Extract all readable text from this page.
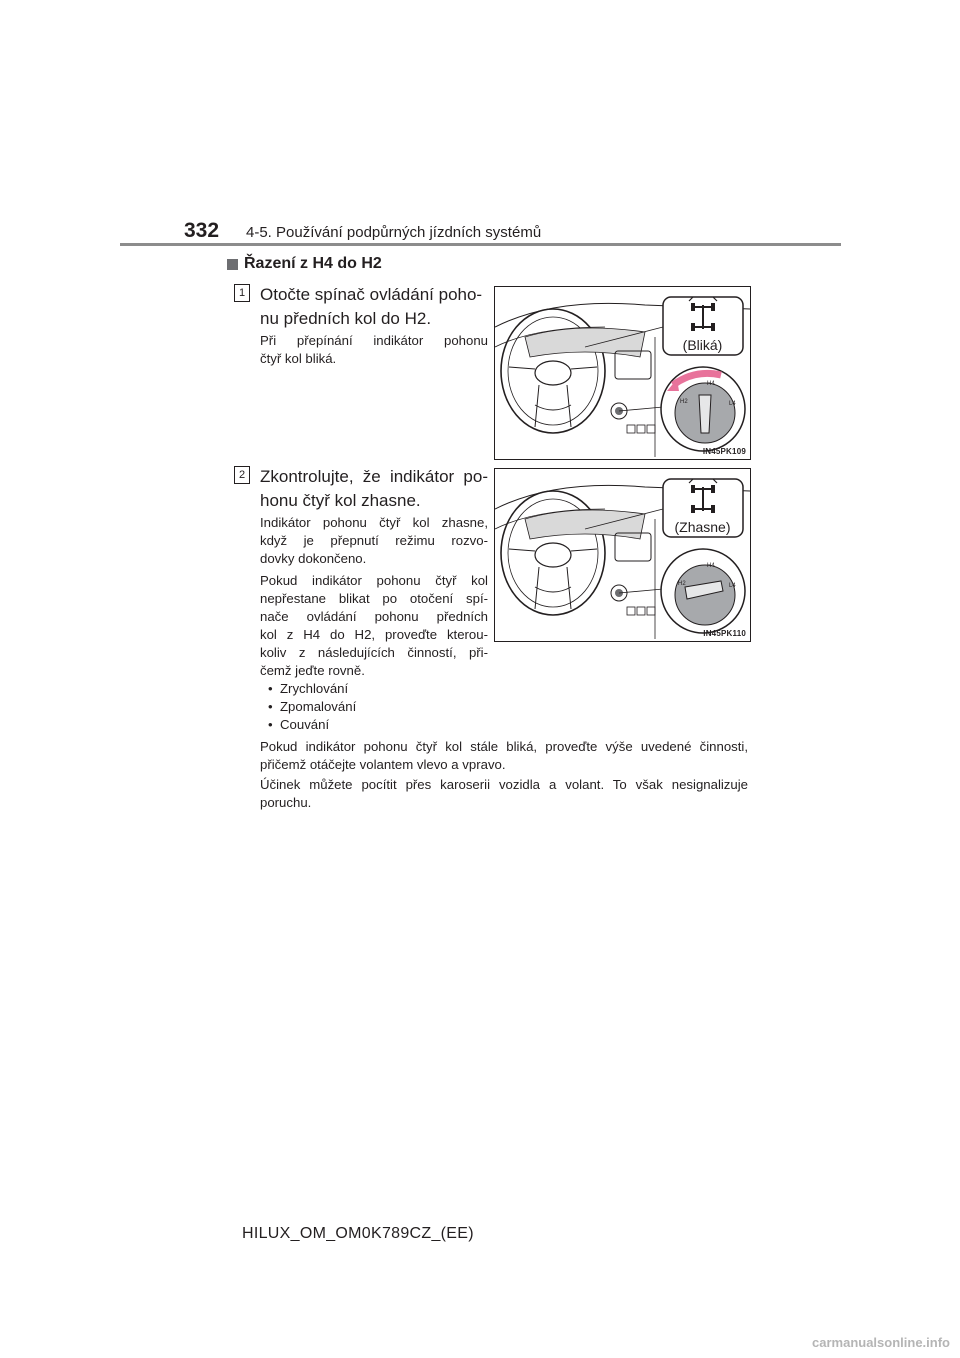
332 4-5. Používání podpůrných jízdních systémů
Řazení z H4 do H2
1 Otočte spínač ovládání poho-
nu předních kol do H2.
Při přepínání indikátor pohonu
čtyř kol bliká.
H4
H2	L4
(Bliká)
IN45PK109
2 Zkontrolujte, že indikátor po-
honu čtyř kol zhasne.
Indikátor pohonu čtyř kol zhasne,
když je přepnutí režimu rozvo-
dovky dokončeno.
Pokud indikátor pohonu čtyř kol
nepřestane blikat po otočení spí-
nače ovládání pohonu předních
kol z H4 do H2, proveďte kterou-
koliv z následujících činností, při-
čemž jeďte rovně.
• Zrychlování
• Zpomalování
• Couvání
H4
H2	L4
(Zhasne)
IN45PK110
Pokud indikátor pohonu čtyř kol stále bliká, proveďte výše uvedené činnosti, přičemž otáčejte volantem vlevo a vpravo.
Účinek můžete pocítit přes karoserii vozidla a volant. To však nesignalizuje poruchu.
HILUX_OM_OM0K789CZ_(EE)
carmanualsonline.info
